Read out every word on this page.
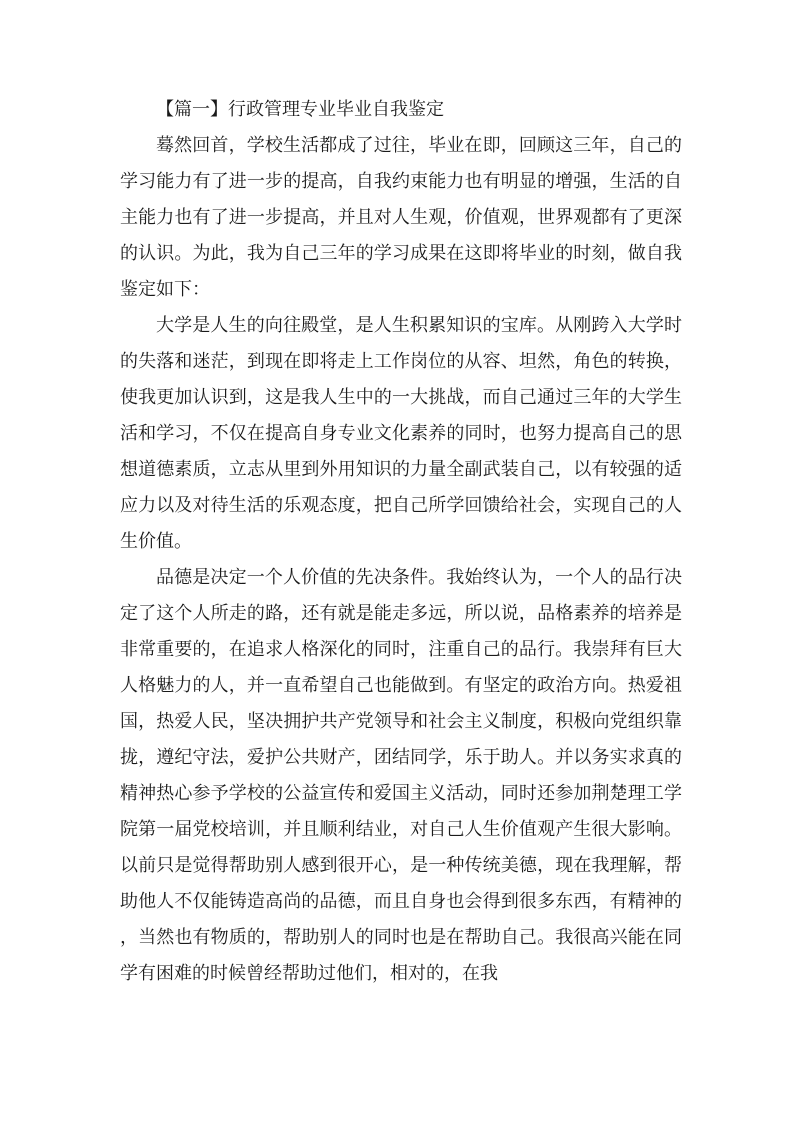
【篇一】行政管理专业毕业自我鉴定

蓦然回首，学校生活都成了过往，毕业在即，回顾这三年，自己的学习能力有了进一步的提高，自我约束能力也有明显的增强，生活的自主能力也有了进一步提高，并且对人生观，价值观，世界观都有了更深的认识。为此，我为自己三年的学习成果在这即将毕业的时刻，做自我鉴定如下：

大学是人生的向往殿堂，是人生积累知识的宝库。从刚跨入大学时的失落和迷茫，到现在即将走上工作岗位的从容、坦然，角色的转换，使我更加认识到，这是我人生中的一大挑战，而自己通过三年的大学生活和学习，不仅在提高自身专业文化素养的同时，也努力提高自己的思想道德素质，立志从里到外用知识的力量全副武装自己，以有较强的适应力以及对待生活的乐观态度，把自己所学回馈给社会，实现自己的人生价值。

品德是决定一个人价值的先决条件。我始终认为，一个人的品行决定了这个人所走的路，还有就是能走多远，所以说，品格素养的培养是非常重要的，在追求人格深化的同时，注重自己的品行。我崇拜有巨大人格魅力的人，并一直希望自己也能做到。有坚定的政治方向。热爱祖国，热爱人民，坚决拥护共产党领导和社会主义制度，积极向党组织靠拢，遵纪守法，爱护公共财产，团结同学，乐于助人。并以务实求真的精神热心参予学校的公益宣传和爱国主义活动，同时还参加荆楚理工学院第一届党校培训，并且顺利结业，对自己人生价值观产生很大影响。以前只是觉得帮助别人感到很开心，是一种传统美德，现在我理解，帮助他人不仅能铸造高尚的品德，而且自身也会得到很多东西，有精神的，当然也有物质的，帮助别人的同时也是在帮助自己。我很高兴能在同学有困难的时候曾经帮助过他们，相对的，在我
